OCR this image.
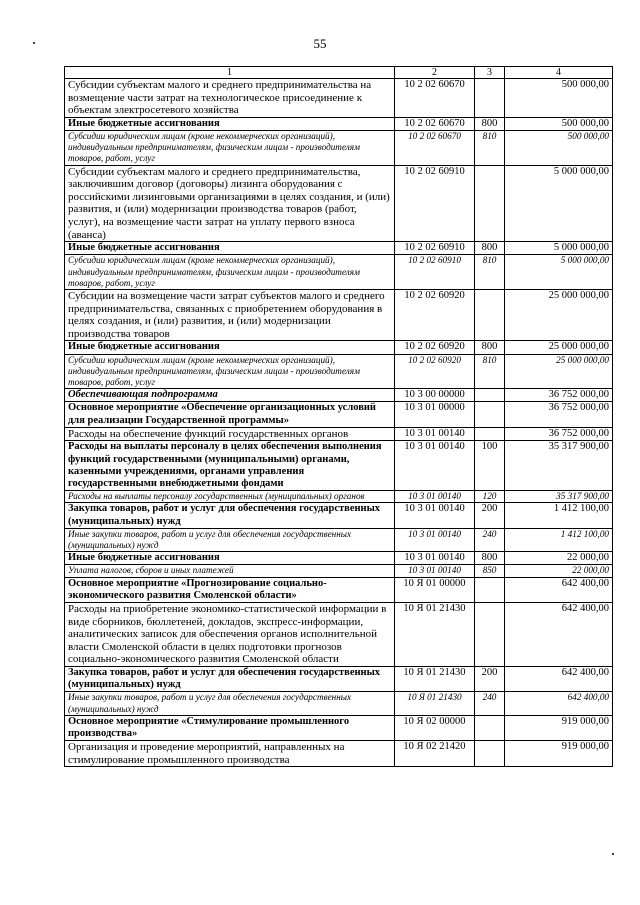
55
1	2	3	4
Субсидии субъектам малого и среднего предпринимательства на возмещение части затрат на технологическое присоединение к объектам электросетевого хозяйства	10 2 02 60670		500 000,00
Иные бюджетные ассигнования	10 2 02 60670	800	500 000,00
Субсидии юридическим лицам (кроме некоммерческих организаций), индивидуальным предпринимателям, физическим лицам - производителям товаров, работ, услуг	10 2 02 60670	810	500 000,00
Субсидии субъектам малого и среднего предпринимательства, заключившим договор (договоры) лизинга оборудования с российскими лизинговыми организациями в целях создания, и (или) развития, и (или) модернизации производства товаров (работ, услуг), на возмещение части затрат на уплату первого взноса (аванса)	10 2 02 60910		5 000 000,00
Иные бюджетные ассигнования	10 2 02 60910	800	5 000 000,00
Субсидии юридическим лицам (кроме некоммерческих организаций), индивидуальным предпринимателям, физическим лицам - производителям товаров, работ, услуг	10 2 02 60910	810	5 000 000,00
Субсидии на возмещение части затрат субъектов малого и среднего предпринимательства, связанных с приобретением оборудования в целях создания, и (или) развития, и (или) модернизации производства товаров	10 2 02 60920		25 000 000,00
Иные бюджетные ассигнования	10 2 02 60920	800	25 000 000,00
Субсидии юридическим лицам (кроме некоммерческих организаций), индивидуальным предпринимателям, физическим лицам - производителям товаров, работ, услуг	10 2 02 60920	810	25 000 000,00
Обеспечивающая подпрограмма	10 3 00 00000		36 752 000,00
Основное мероприятие «Обеспечение организационных условий для реализации Государственной программы»	10 3 01 00000		36 752 000,00
Расходы на обеспечение функций государственных органов	10 3 01 00140		36 752 000,00
Расходы на выплаты персоналу в целях обеспечения выполнения функций государственными (муниципальными) органами, казенными учреждениями, органами управления государственными внебюджетными фондами	10 3 01 00140	100	35 317 900,00
Расходы на выплаты персоналу государственных (муниципальных) органов	10 3 01 00140	120	35 317 900,00
Закупка товаров, работ и услуг для обеспечения государственных (муниципальных) нужд	10 3 01 00140	200	1 412 100,00
Иные закупки товаров, работ и услуг для обеспечения государственных (муниципальных) нужд	10 3 01 00140	240	1 412 100,00
Иные бюджетные ассигнования	10 3 01 00140	800	22 000,00
Уплата налогов, сборов и иных платежей	10 3 01 00140	850	22 000,00
Основное мероприятие «Прогнозирование социально-экономического развития Смоленской области»	10 Я 01 00000		642 400,00
Расходы на приобретение экономико-статистической информации в виде сборников, бюллетеней, докладов, экспресс-информации, аналитических записок для обеспечения органов исполнительной власти Смоленской области в целях подготовки прогнозов социально-экономического развития Смоленской области	10 Я 01 21430		642 400,00
Закупка товаров, работ и услуг для обеспечения государственных (муниципальных) нужд	10 Я 01 21430	200	642 400,00
Иные закупки товаров, работ и услуг для обеспечения государственных (муниципальных) нужд	10 Я 01 21430	240	642 400,00
Основное мероприятие «Стимулирование промышленного производства»	10 Я 02 00000		919 000,00
Организация и проведение мероприятий, направленных на стимулирование промышленного производства	10 Я 02 21420		919 000,00
